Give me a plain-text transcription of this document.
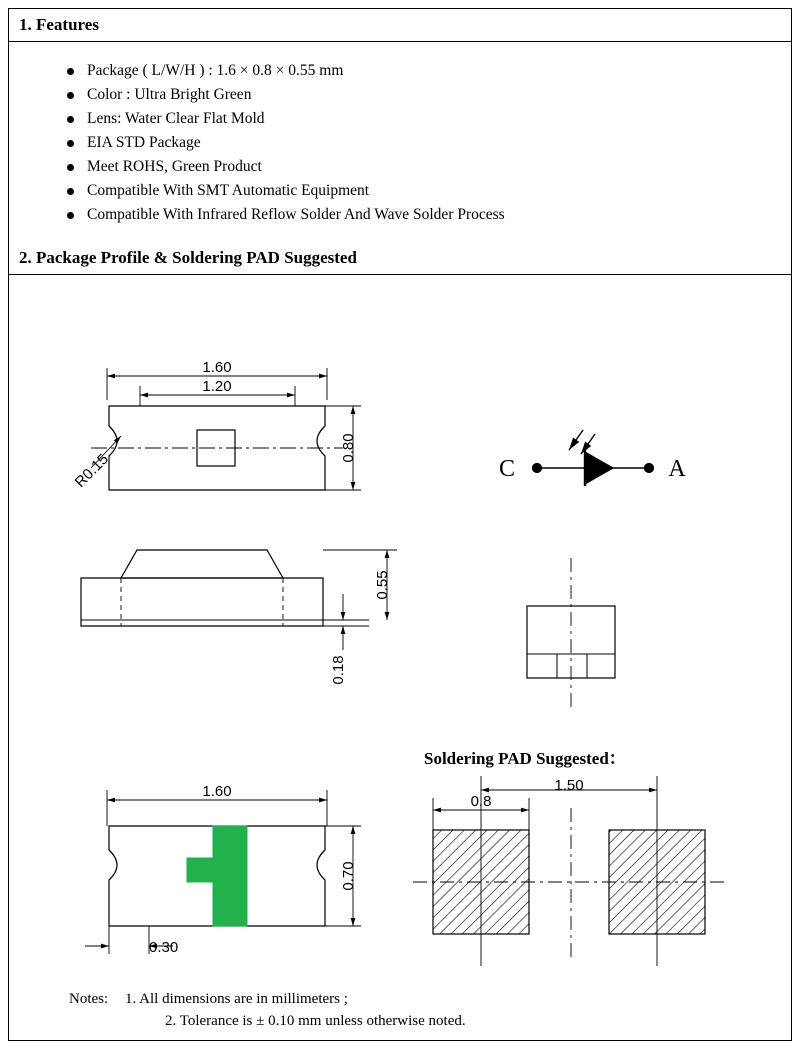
1. Features
Package ( L/W/H ) : 1.6 × 0.8 × 0.55 mm
Color : Ultra Bright Green
Lens: Water Clear Flat Mold
EIA STD Package
Meet ROHS, Green Product
Compatible With SMT Automatic Equipment
Compatible With Infrared Reflow Solder And Wave Solder Process
2. Package Profile & Soldering PAD Suggested
1.60
1.20
0.80
R0.15
0.55
0.18
1.60
0.70
0.30
1.50
0.8
C	A
Soldering PAD Suggested：
Notes: 1. All dimensions are in millimeters ;
2. Tolerance is ± 0.10 mm unless otherwise noted.
